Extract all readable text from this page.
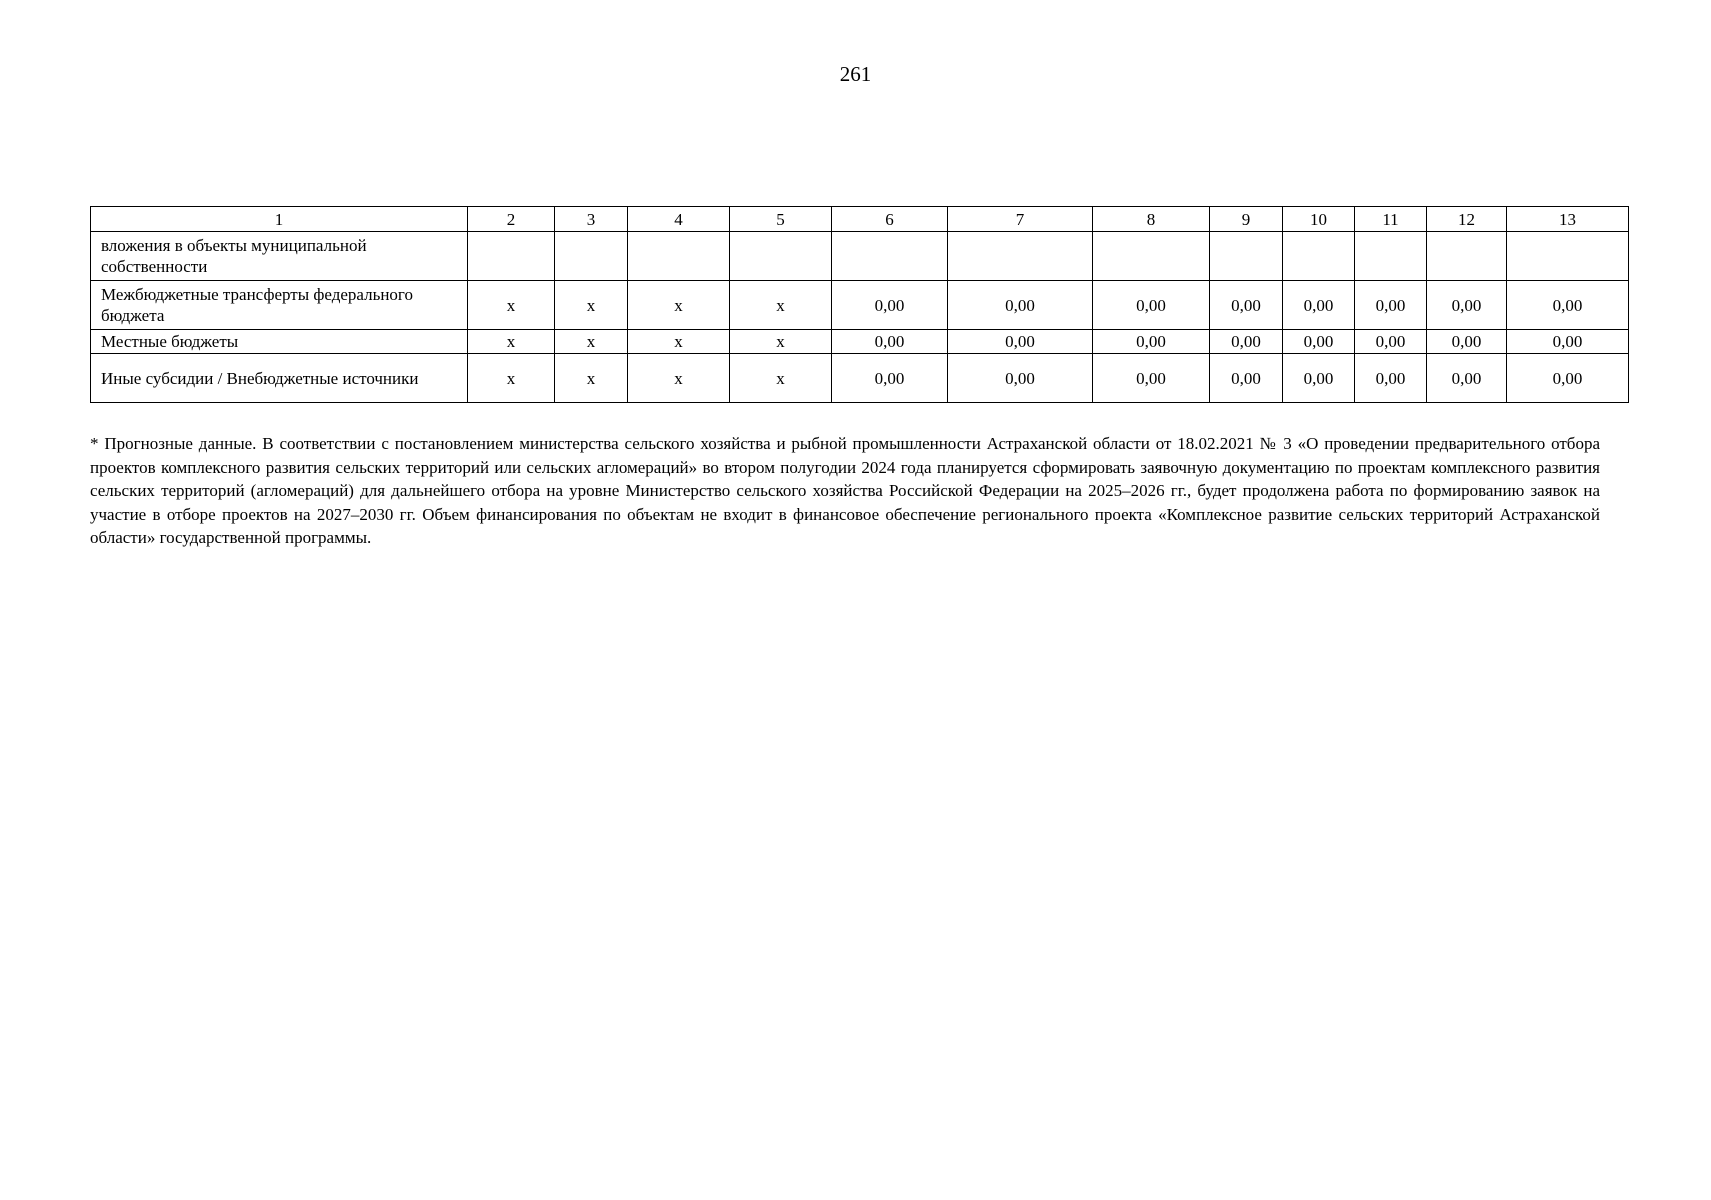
261
1	2	3	4	5	6	7	8	9	10	11	12	13
вложения в объекты муниципальной собственности												
Межбюджетные трансферты федерального бюджета	x	x	x	x	0,00	0,00	0,00	0,00	0,00	0,00	0,00	0,00
Местные бюджеты	x	x	x	x	0,00	0,00	0,00	0,00	0,00	0,00	0,00	0,00
Иные субсидии / Внебюджетные источники	x	x	x	x	0,00	0,00	0,00	0,00	0,00	0,00	0,00	0,00

* Прогнозные данные. В соответствии с постановлением министерства сельского хозяйства и рыбной промышленности Астраханской области от 18.02.2021 № 3 «О проведении предварительного отбора проектов комплексного развития сельских территорий или сельских агломераций» во втором полугодии 2024 года планируется сформировать заявочную документацию по проектам комплексного развития сельских территорий (агломераций) для дальнейшего отбора на уровне Министерство сельского хозяйства Российской Федерации на 2025–2026 гг., будет продолжена работа по формированию заявок на участие в отборе проектов на 2027–2030 гг. Объем финансирования по объектам не входит в финансовое обеспечение регионального проекта «Комплексное развитие сельских территорий Астраханской области» государственной программы.
